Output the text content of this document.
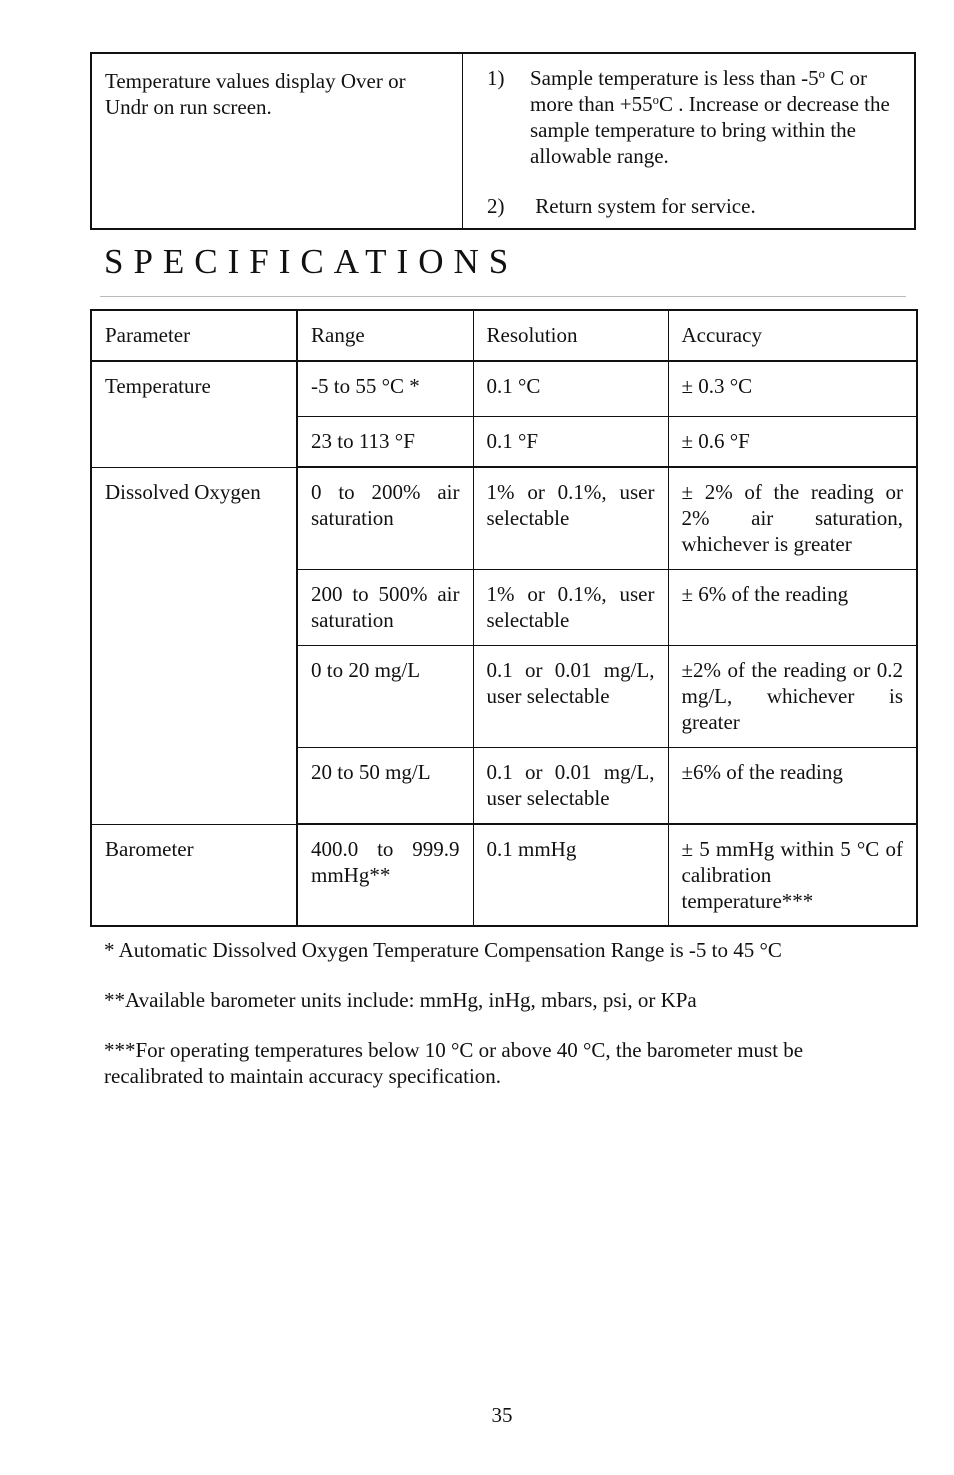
Temperature values display Over or Undr on run screen.
1)	Sample temperature is less than -5$^o$ C or more than $+55^oC$ . Increase or decrease the sample temperature to bring within the allowable range.
2)	Return system for service.
SPECIFICATIONS
Parameter	Range	Resolution	Accuracy
Temperature	-5 to 55 °C *	0.1 °C	± 0.3 °C
	23 to 113 °F	0.1 °F	± 0.6 °F
Dissolved Oxygen	0 to 200% air saturation	1% or 0.1%, user selectable	± 2% of the reading or 2% air saturation, whichever is greater
	200 to 500% air saturation	1% or 0.1%, user selectable	± 6% of the reading
	0 to 20 mg/L	0.1 or 0.01 mg/L, user selectable	±2% of the reading or 0.2 mg/L, whichever is greater
	20 to 50 mg/L	0.1 or 0.01 mg/L, user selectable	±6% of the reading
Barometer	400.0 to 999.9 mmHg**	0.1 mmHg	± 5 mmHg within 5 °C of calibration temperature***

* Automatic Dissolved Oxygen Temperature Compensation Range is -5 to 45 °C

**Available barometer units include: mmHg, inHg, mbars, psi, or KPa

***For operating temperatures below 10 °C or above 40 °C, the barometer must be recalibrated to maintain accuracy specification.

35
